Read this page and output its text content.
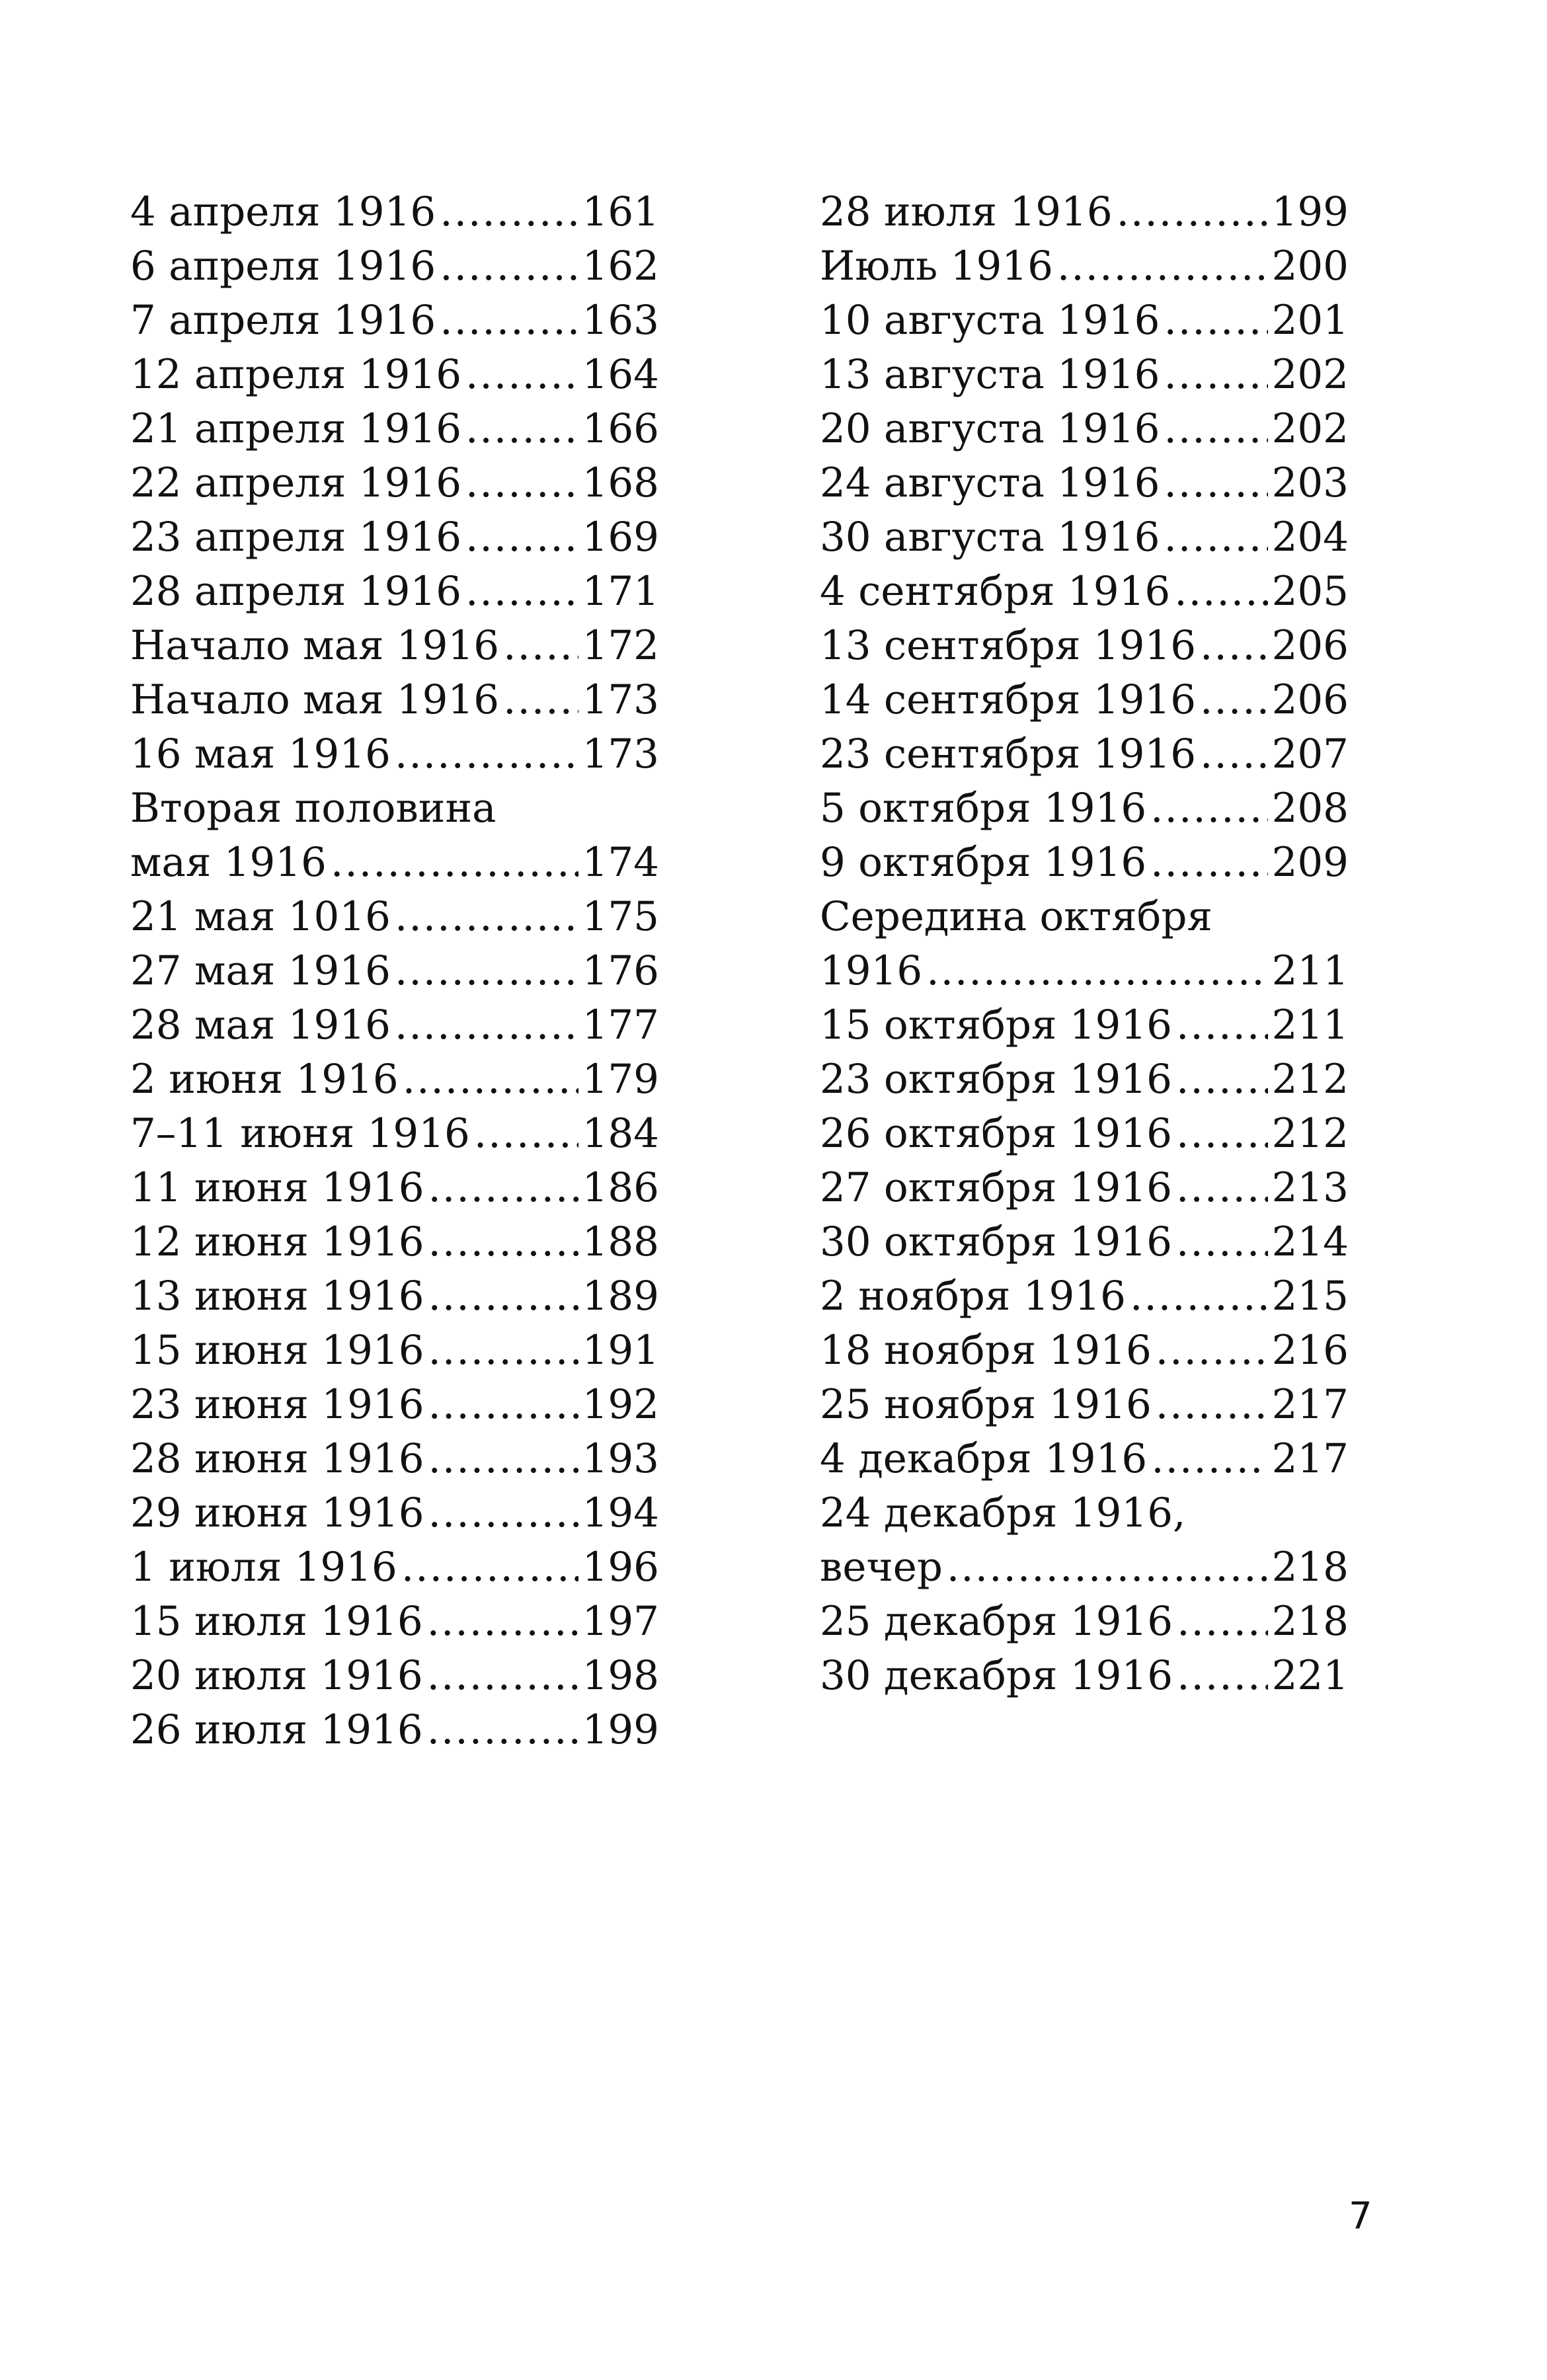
4 апреля 1916 .....	161
6 апреля 1916 .....	162
7 апреля 1916 .....	163
12 апреля 1916 .....	164
21 апреля 1916 .....	166
22 апреля 1916 .....	168
23 апреля 1916 .....	169
28 апреля 1916 .....	171
Начало мая 1916 ..... 172
Начало мая 1916 ..... 173
16 мая 1916 .....	173
Вторая половина
мая 1916 .....	174
21 мая 1016 .....	175
27 мая 1916 .....	176
28 мая 1916 .....	177
2 июня 1916 .....	179
7–11 июня 1916 .....	184
11 июня 1916 .....	186
12 июня 1916 .....	188
13 июня 1916 .....	189
15 июня 1916 .....	191
23 июня 1916 .....	192
28 июня 1916 .....	193
29 июня 1916 .....	194
1 июля 1916 .....	196
15 июля 1916 .....	197
20 июля 1916 .....	198
26 июля 1916 .....	199
28 июля 1916 .....	199
Июль 1916 .....	200
10 августа 1916 .....	201
13 августа 1916 .....	202
20 августа 1916 .....	202
24 августа 1916 .....	203
30 августа 1916 .....	204
4 сентября 1916 .....	205
13 сентября 1916 ..... 206
14 сентября 1916 ..... 206
23 сентября 1916 ..... 207
5 октября 1916 .....	208
9 октября 1916 .....	209
Середина октября
1916 .....	211
15 октября 1916 ..... 211
23 октября 1916 ..... 212
26 октября 1916 ..... 212
27 октября 1916 ..... 213
30 октября 1916 ..... 214
2 ноября 1916 .....	215
18 ноября 1916 .....	216
25 ноября 1916 .....	217
4 декабря 1916 .....	217
24 декабря 1916,
вечер .....	218
25 декабря 1916 ..... 218
30 декабря 1916 ..... 221
7
